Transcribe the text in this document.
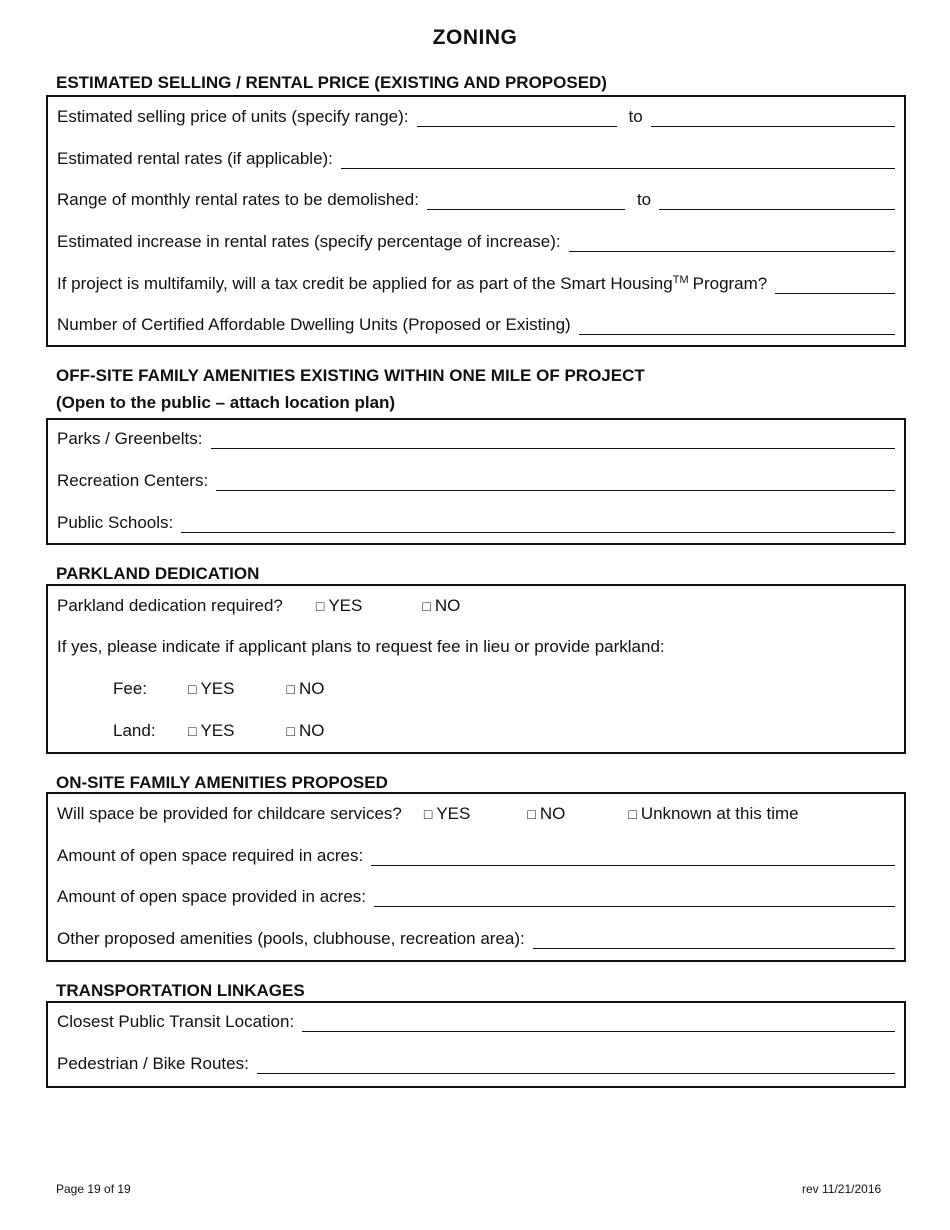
ZONING
ESTIMATED SELLING / RENTAL PRICE (EXISTING AND PROPOSED)
Estimated selling price of units (specify range):	to
Estimated rental rates (if applicable):
Range of monthly rental rates to be demolished:	to
Estimated increase in rental rates (specify percentage of increase):
If project is multifamily, will a tax credit be applied for as part of the Smart Housing TM Program?
Number of Certified Affordable Dwelling Units (Proposed or Existing)
OFF-SITE FAMILY AMENITIES EXISTING WITHIN ONE MILE OF PROJECT
(Open to the public – attach location plan)
Parks / Greenbelts:
Recreation Centers:
Public Schools:
PARKLAND DEDICATION
Parkland dedication required? □ YES	□ NO
If yes, please indicate if applicant plans to request fee in lieu or provide parkland:
Fee:	□ YES	□ NO
Land:	□ YES	□ NO
ON-SITE FAMILY AMENITIES PROPOSED
Will space be provided for childcare services? □ YES	□ NO	□ Unknown at this time
Amount of open space required in acres:
Amount of open space provided in acres:
Other proposed amenities (pools, clubhouse, recreation area):
TRANSPORTATION LINKAGES
Closest Public Transit Location:
Pedestrian / Bike Routes:
Page 19 of 19	rev 11/21/2016
